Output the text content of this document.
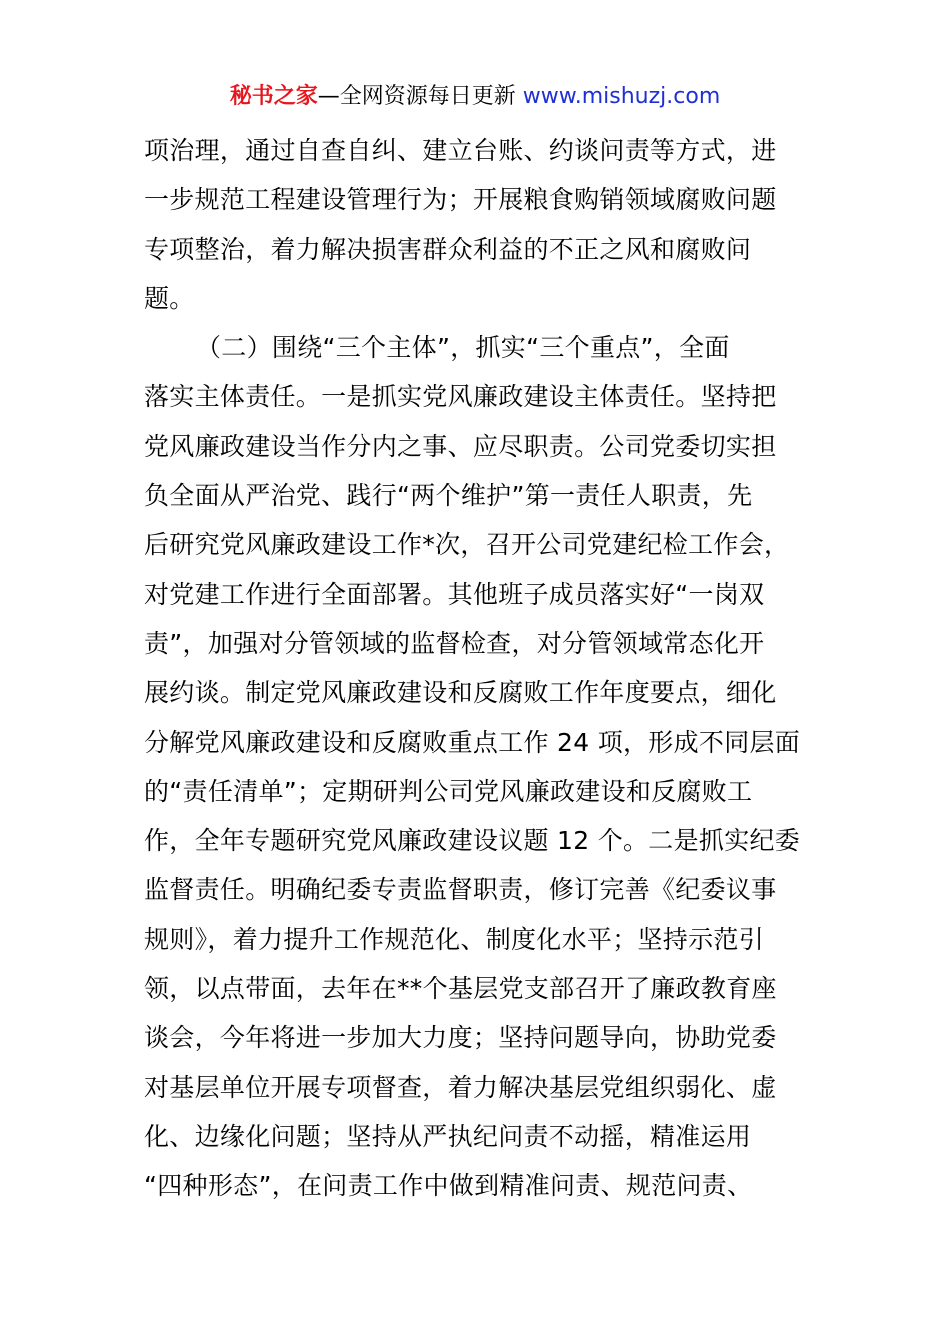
秘书之家—全网资源每日更新 www.mishuzj.com
项治理，通过自查自纠、建立台账、约谈问责等方式，进
一步规范工程建设管理行为；开展粮食购销领域腐败问题
专项整治，着力解决损害群众利益的不正之风和腐败问
题。
（二）围绕“三个主体”，抓实“三个重点”，全面
落实主体责任。一是抓实党风廉政建设主体责任。坚持把
党风廉政建设当作分内之事、应尽职责。公司党委切实担
负全面从严治党、践行“两个维护”第一责任人职责，先
后研究党风廉政建设工作*次，召开公司党建纪检工作会，
对党建工作进行全面部署。其他班子成员落实好“一岗双
责”，加强对分管领域的监督检查，对分管领域常态化开
展约谈。制定党风廉政建设和反腐败工作年度要点，细化
分解党风廉政建设和反腐败重点工作 24 项，形成不同层面
的“责任清单”；定期研判公司党风廉政建设和反腐败工
作，全年专题研究党风廉政建设议题 12 个。二是抓实纪委
监督责任。明确纪委专责监督职责，修订完善《纪委议事
规则》，着力提升工作规范化、制度化水平；坚持示范引
领，以点带面，去年在**个基层党支部召开了廉政教育座
谈会，今年将进一步加大力度；坚持问题导向，协助党委
对基层单位开展专项督查，着力解决基层党组织弱化、虚
化、边缘化问题；坚持从严执纪问责不动摇，精准运用
“四种形态”，在问责工作中做到精准问责、规范问责、
